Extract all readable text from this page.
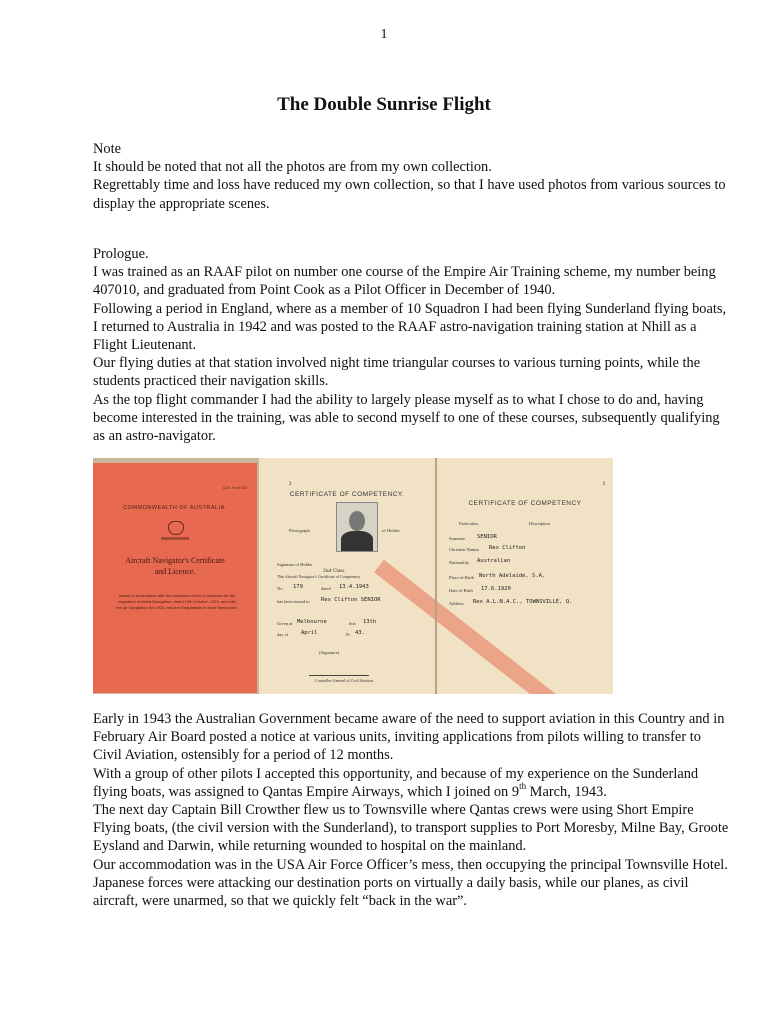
1
The Double Sunrise Flight

Note

It should be noted that not all the photos are from my own collection.

Regrettably time and loss have reduced my own collection, so that I have used photos from various sources to display the appropriate scenes.

Prologue.

I was trained as an RAAF pilot on number one course of the Empire Air Training scheme, my number being 407010, and graduated from Point Cook as a Pilot Officer in December of 1940.

Following a period in England, where as a member of 10 Squadron I had been flying Sunderland flying boats, I returned to Australia in 1942 and was posted to the RAAF astro-navigation training station at Nhill as a Flight Lieutenant.

Our flying duties at that station involved night time triangular courses to various turning points, while the students practiced their navigation skills.

As the top flight commander I had the ability to largely please myself as to what I chose to do and, having become interested in the training, was able to second myself to one of these courses, subsequently qualifying as an astro-navigator.

A.M. Form 83
COMMONWEALTH OF AUSTRALIA.
Aircraft Navigator's Certificate
and Licence.
Issued in accordance with the provisions of the Convention for the regulation of Aerial Navigation, dated 13th October, 1919, and with the Air Navigation Act 1920, and the Regulations in force thereunder.
2	3
CERTIFICATE OF COMPETENCY.
CERTIFICATE OF COMPETENCY
Photograph	of Holder.
Signature of Holder
2nd Class
This Aircraft Navigator's Certificate of Competency
No. 179	dated 13.4.1943
has been issued to Rex Clifton SENIOR
Given at Melbourne	this 13th
day of April	19 43.
(Signature)
Controller-General of Civil Aviation
Particulars.	Description
Surname SENIOR
Christian Names Rex Clifton
Nationality Australian
Place of Birth North Adelaide, S.A.
Date of Birth 17.6.1920
Address Rex A.L.N.A.C., TOWNSVILLE, Q.

Early in 1943 the Australian Government became aware of the need to support aviation in this Country and in February Air Board posted a notice at various units, inviting applications from pilots willing to transfer to Civil Aviation, ostensibly for a period of 12 months.

With a group of other pilots I accepted this opportunity, and because of my experience on the Sunderland flying boats, was assigned to Qantas Empire Airways, which I joined on 9th March, 1943.

The next day Captain Bill Crowther flew us to Townsville where Qantas crews were using Short Empire Flying boats, (the civil version with the Sunderland), to transport supplies to Port Moresby, Milne Bay, Groote Eysland and Darwin, while returning wounded to hospital on the mainland.

Our accommodation was in the USA Air Force Officer’s mess, then occupying the principal Townsville Hotel.

Japanese forces were attacking our destination ports on virtually a daily basis, while our planes, as civil aircraft, were unarmed, so that we quickly felt “back in the war”.
